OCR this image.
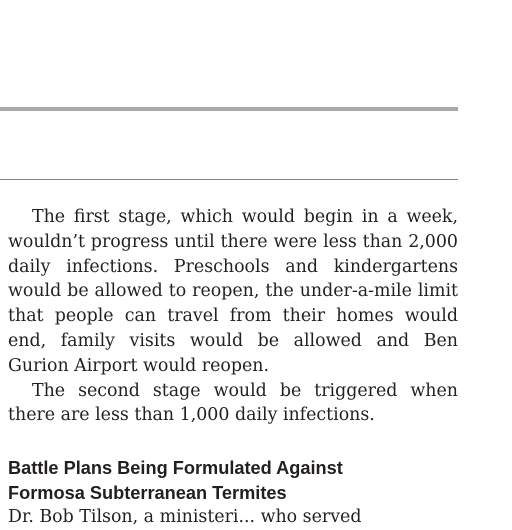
The first stage, which would begin in a week, wouldn’t progress until there were less than 2,000 daily infections. Preschools and kindergartens would be allowed to reopen, the under-a-mile limit that people can travel from their homes would end, family visits would be allowed and Ben Gurion Airport would reopen.

The second stage would be triggered when there are less than 1,000 daily infections.

Battle Plans Being Formulated Against
Formosa Subterranean Termites
Dr. Bob Tilson, a ministeri... who served
